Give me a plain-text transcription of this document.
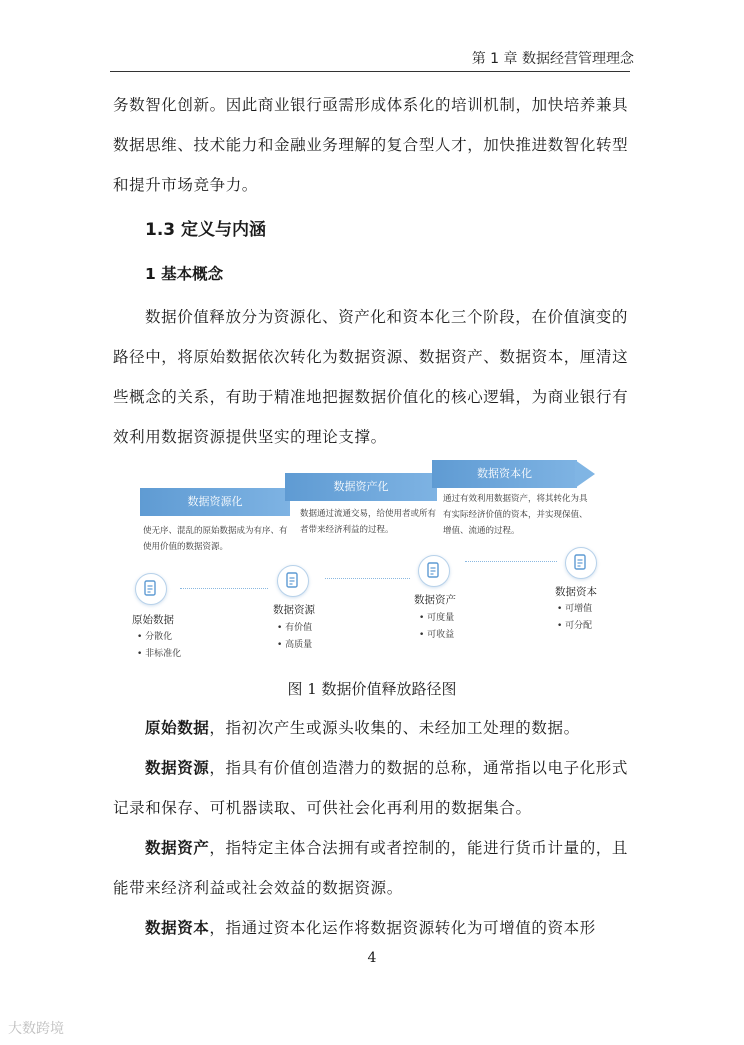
第 1 章 数据经营管理理念
务数智化创新。因此商业银行亟需形成体系化的培训机制，加快培养兼具数据思维、技术能力和金融业务理解的复合型人才，加快推进数智化转型和提升市场竞争力。
1.3 定义与内涵
1 基本概念
数据价值释放分为资源化、资产化和资本化三个阶段，在价值演变的路径中，将原始数据依次转化为数据资源、数据资产、数据资本，厘清这些概念的关系，有助于精准地把握数据价值化的核心逻辑，为商业银行有效利用数据资源提供坚实的理论支撑。
数据资源化
数据资产化
数据资本化
使无序、混乱的原始数据成为有序、有使用价值的数据资源。
数据通过流通交易，给使用者或所有者带来经济利益的过程。
通过有效利用数据资产，将其转化为具有实际经济价值的资本，并实现保值、增值、流通的过程。
原始数据
• 分散化
• 非标准化
数据资源
• 有价值
• 高质量
数据资产
• 可度量
• 可收益
数据资本
• 可增值
• 可分配
图 1 数据价值释放路径图
原始数据，指初次产生或源头收集的、未经加工处理的数据。
数据资源，指具有价值创造潜力的数据的总称，通常指以电子化形式记录和保存、可机器读取、可供社会化再利用的数据集合。
数据资产，指特定主体合法拥有或者控制的，能进行货币计量的，且能带来经济利益或社会效益的数据资源。
数据资本，指通过资本化运作将数据资源转化为可增值的资本形
4
大数跨境
